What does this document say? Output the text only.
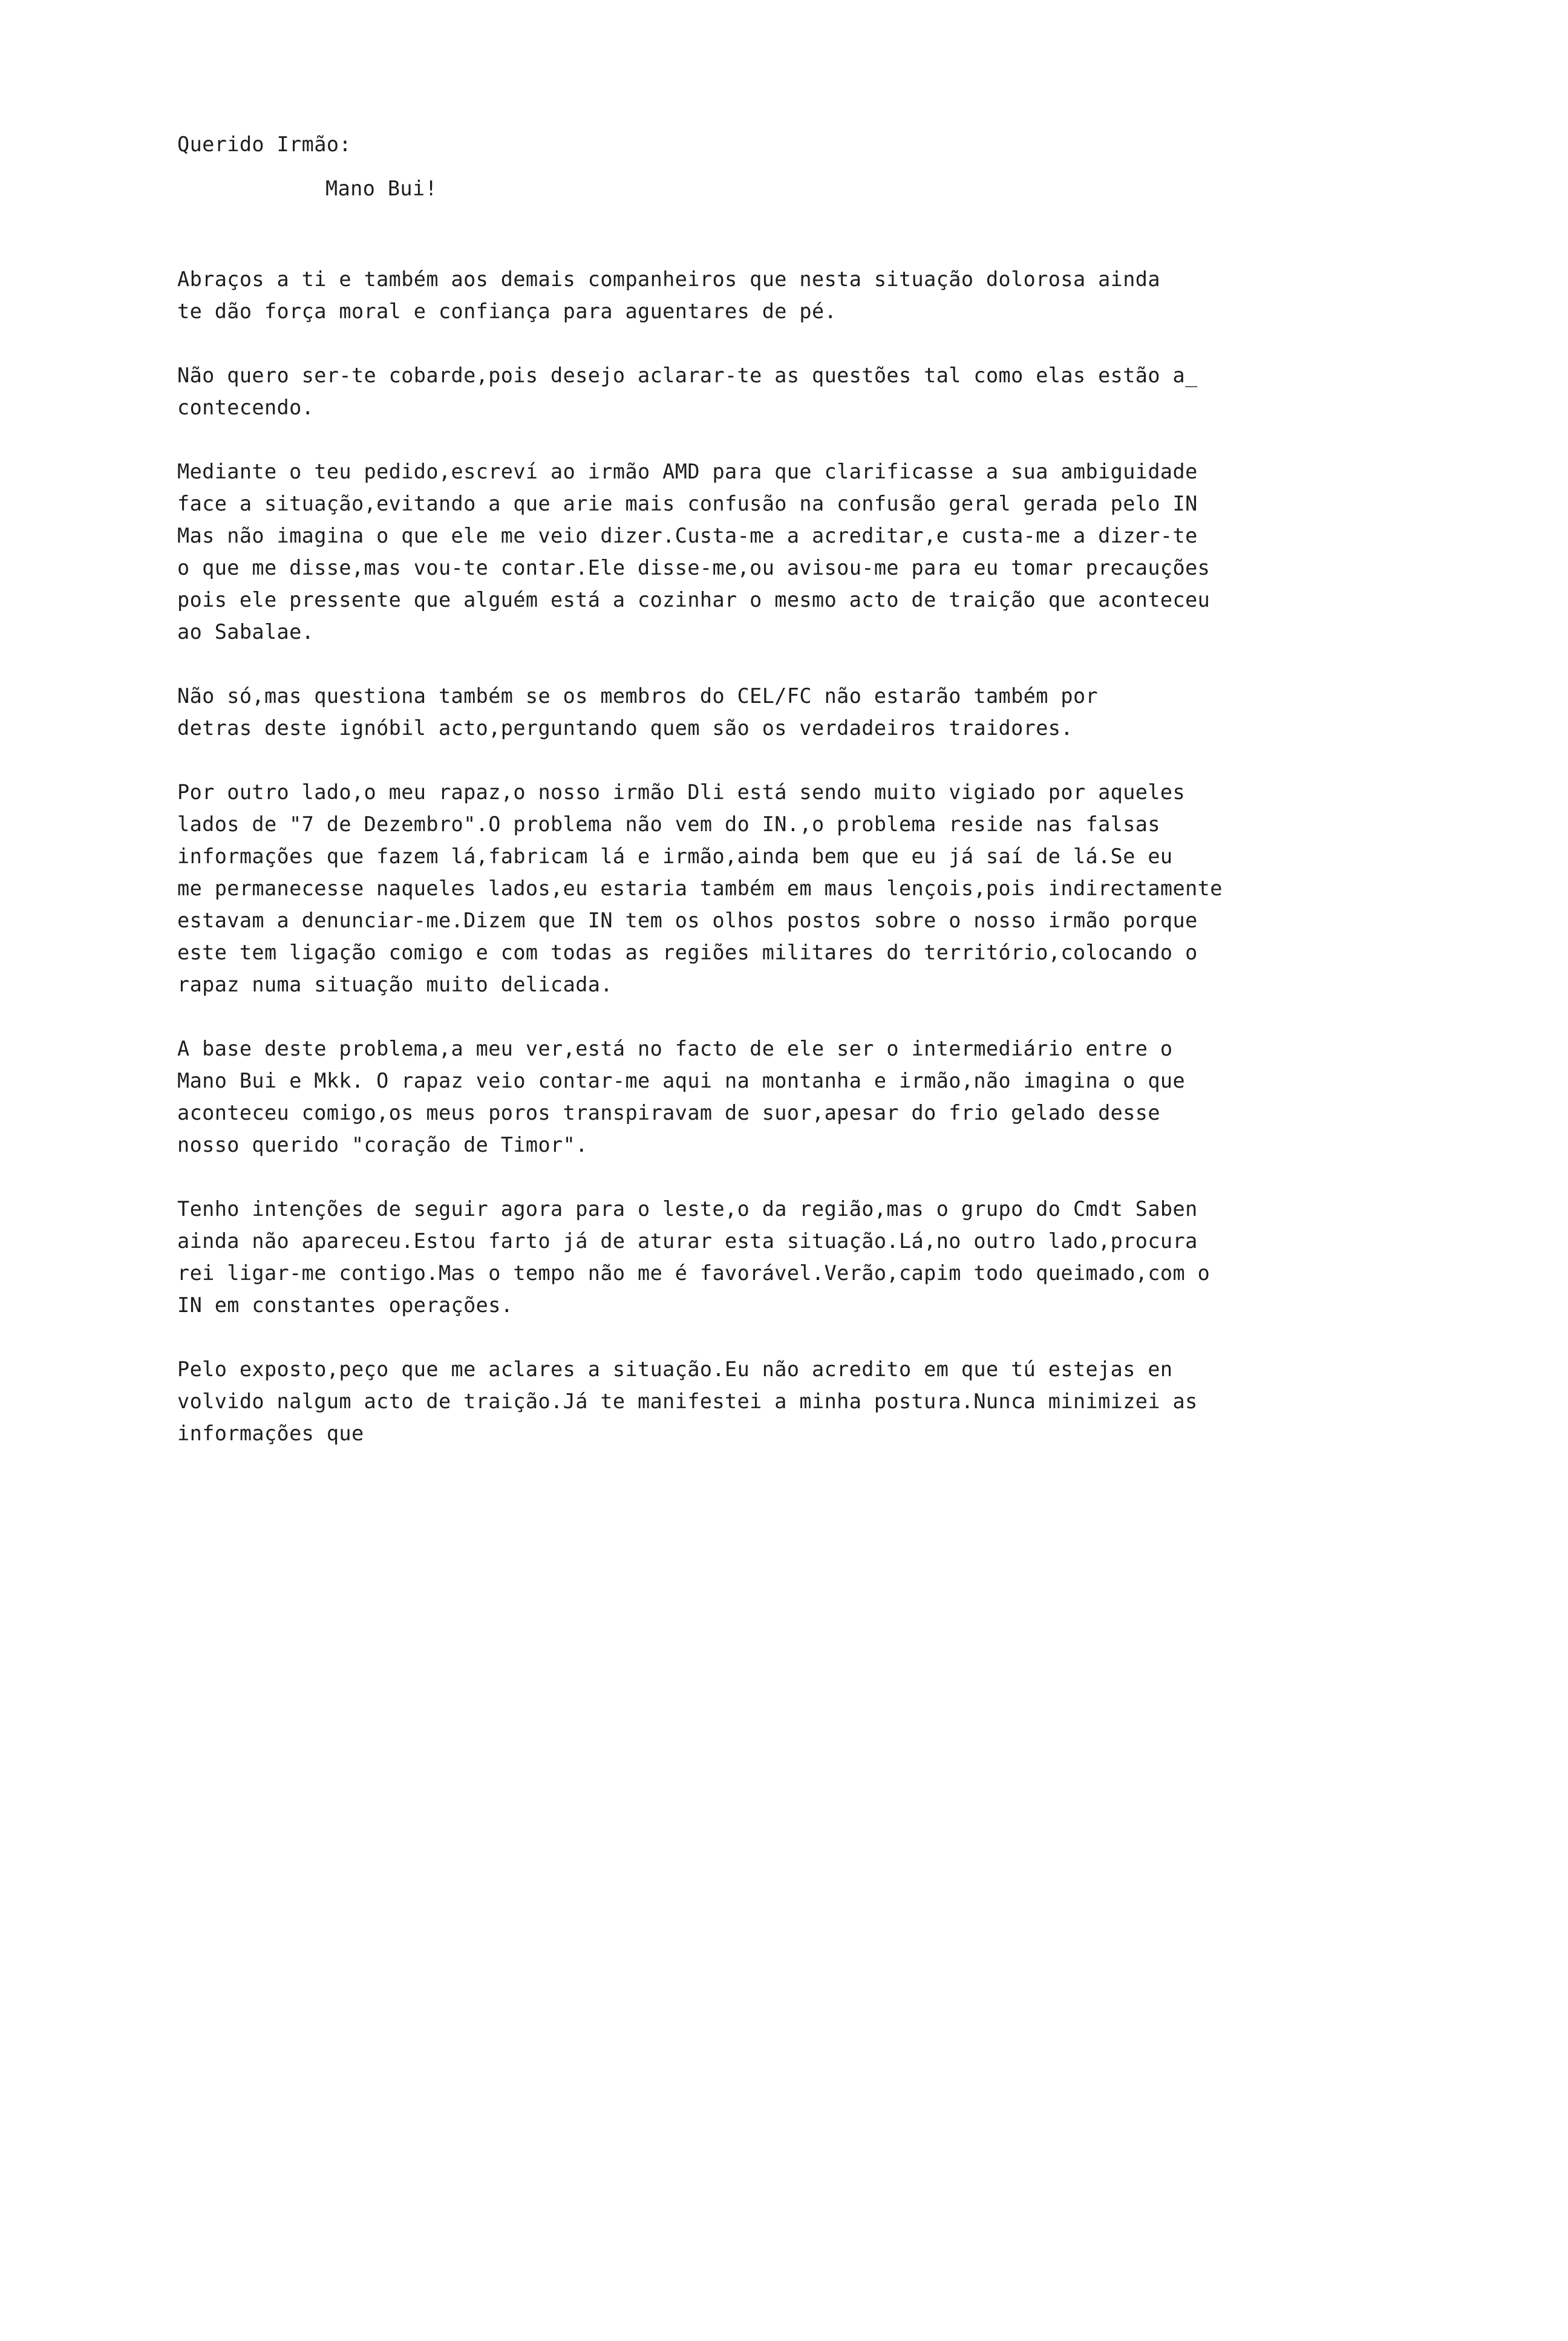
Querido Irmão:

Mano Bui!

Abraços a ti e também aos demais companheiros que nesta situação dolorosa ainda
te dão força moral e confiança para aguentares de pé.

Não quero ser-te cobarde,pois desejo aclarar-te as questões tal como elas estão a_
contecendo.

Mediante o teu pedido,escreví ao irmão AMD para que clarificasse a sua ambiguidade
face a situação,evitando a que arie mais confusão na confusão geral gerada pelo IN
Mas não imagina o que ele me veio dizer.Custa-me a acreditar,e custa-me a dizer-te
o que me disse,mas vou-te contar.Ele disse-me,ou avisou-me para eu tomar precauções
pois ele pressente que alguém está a cozinhar o mesmo acto de traição que aconteceu
ao Sabalae.

Não só,mas questiona também se os membros do CEL/FC não estarão também por
detras deste ignóbil acto,perguntando quem são os verdadeiros traidores.

Por outro lado,o meu rapaz,o nosso irmão Dli está sendo muito vigiado por aqueles
lados de "7 de Dezembro".O problema não vem do IN.,o problema reside nas falsas
informações que fazem lá,fabricam lá e irmão,ainda bem que eu já saí de lá.Se eu
me permanecesse naqueles lados,eu estaria também em maus lençois,pois indirectamente
estavam a denunciar-me.Dizem que IN tem os olhos postos sobre o nosso irmão porque
este tem ligação comigo e com todas as regiões militares do território,colocando o
rapaz numa situação muito delicada.

A base deste problema,a meu ver,está no facto de ele ser o intermediário entre o
Mano Bui e Mkk. O rapaz veio contar-me aqui na montanha e irmão,não imagina o que
aconteceu comigo,os meus poros transpiravam de suor,apesar do frio gelado desse
nosso querido "coração de Timor".

Tenho intenções de seguir agora para o leste,o da região,mas o grupo do Cmdt Saben
ainda não apareceu.Estou farto já de aturar esta situação.Lá,no outro lado,procura
rei ligar-me contigo.Mas o tempo não me é favorável.Verão,capim todo queimado,com o
IN em constantes operações.

Pelo exposto,peço que me aclares a situação.Eu não acredito em que tú estejas en
volvido nalgum acto de traição.Já te manifestei a minha postura.Nunca minimizei as
informações que
